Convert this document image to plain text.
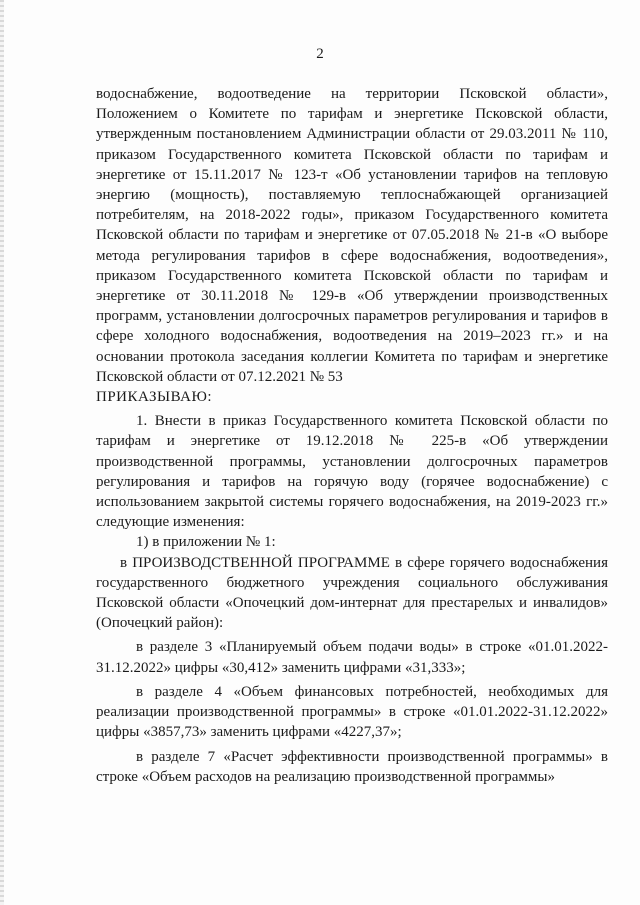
2

водоснабжение, водоотведение на территории Псковской области», Положением о Комитете по тарифам и энергетике Псковской области, утвержденным постановлением Администрации области от 29.03.2011 № 110, приказом Государственного комитета Псковской области по тарифам и энергетике от 15.11.2017 № 123-т «Об установлении тарифов на тепловую энергию (мощность), поставляемую теплоснабжающей организацией потребителям, на 2018-2022 годы», приказом Государственного комитета Псковской области по тарифам и энергетике от 07.05.2018 № 21-в «О выборе метода регулирования тарифов в сфере водоснабжения, водоотведения», приказом Государственного комитета Псковской области по тарифам и энергетике от 30.11.2018 № 129-в «Об утверждении производственных программ, установлении долгосрочных параметров регулирования и тарифов в сфере холодного водоснабжения, водоотведения на 2019–2023 гг.» и на основании протокола заседания коллегии Комитета по тарифам и энергетике Псковской области от 07.12.2021 № 53

ПРИКАЗЫВАЮ:

1. Внести в приказ Государственного комитета Псковской области по тарифам и энергетике от 19.12.2018 № 225-в «Об утверждении производственной программы, установлении долгосрочных параметров регулирования и тарифов на горячую воду (горячее водоснабжение) с использованием закрытой системы горячего водоснабжения, на 2019-2023 гг.» следующие изменения:

1) в приложении № 1:

в ПРОИЗВОДСТВЕННОЙ ПРОГРАММЕ в сфере горячего водоснабжения государственного бюджетного учреждения социального обслуживания Псковской области «Опочецкий дом-интернат для престарелых и инвалидов» (Опочецкий район):

в разделе 3 «Планируемый объем подачи воды» в строке «01.01.2022-31.12.2022» цифры «30,412» заменить цифрами «31,333»;

в разделе 4 «Объем финансовых потребностей, необходимых для реализации производственной программы» в строке «01.01.2022-31.12.2022» цифры «3857,73» заменить цифрами «4227,37»;

в разделе 7 «Расчет эффективности производственной программы» в строке «Объем расходов на реализацию производственной программы»
